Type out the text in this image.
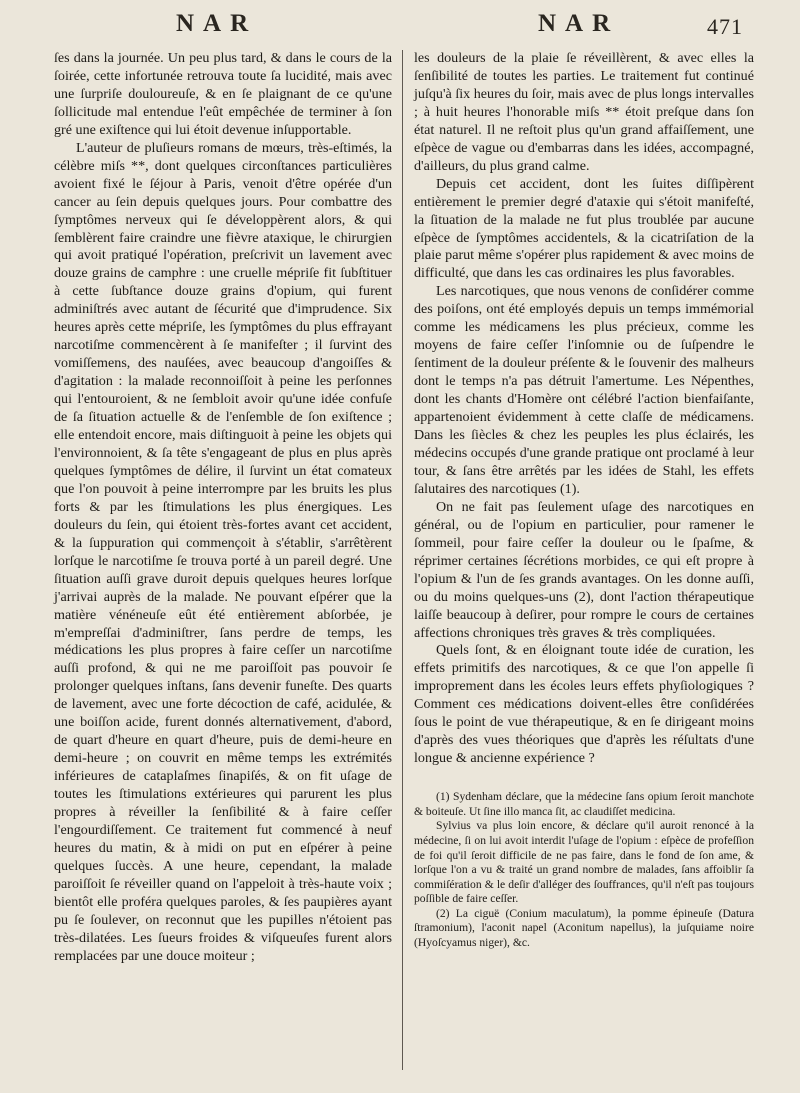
NAR	NAR	471

ſes dans la journée. Un peu plus tard, & dans le cours de la ſoirée, cette infortunée retrouva toute ſa lucidité, mais avec une ſurpriſe douloureuſe, & en ſe plaignant de ce qu'une ſollicitude mal entendue l'eût empêchée de terminer à ſon gré une exiſtence qui lui étoit devenue inſupportable.

L'auteur de pluſieurs romans de mœurs, très-eſtimés, la célèbre miſs **, dont quelques circonſtances particulières avoient fixé le ſéjour à Paris, venoit d'être opérée d'un cancer au ſein depuis quelques jours. Pour combattre des ſymptômes nerveux qui ſe développèrent alors, & qui ſemblèrent faire craindre une fièvre ataxique, le chirurgien qui avoit pratiqué l'opération, preſcrivit un lavement avec douze grains de camphre : une cruelle mépriſe fit ſubſtituer à cette ſubſtance douze grains d'opium, qui furent adminiſtrés avec autant de ſécurité que d'imprudence. Six heures après cette mépriſe, les ſymptômes du plus effrayant narcotiſme commencèrent à ſe manifeſter ; il ſurvint des vomiſſemens, des nauſées, avec beaucoup d'angoiſſes & d'agitation : la malade reconnoiſſoit à peine les perſonnes qui l'entouroient, & ne ſembloit avoir qu'une idée confuſe de ſa ſituation actuelle & de l'enſemble de ſon exiſtence ; elle entendoit encore, mais diſtinguoit à peine les objets qui l'environnoient, & ſa tête s'engageant de plus en plus après quelques ſymptômes de délire, il ſurvint un état comateux que l'on pouvoit à peine interrompre par les bruits les plus forts & par les ſtimulations les plus énergiques. Les douleurs du ſein, qui étoient très-fortes avant cet accident, & la ſuppuration qui commençoit à s'établir, s'arrêtèrent lorſque le narcotiſme ſe trouva porté à un pareil degré. Une ſituation auſſi grave duroit depuis quelques heures lorſque j'arrivai auprès de la malade. Ne pouvant eſpérer que la matière vénéneuſe eût été entièrement abſorbée, je m'empreſſai d'adminiſtrer, ſans perdre de temps, les médications les plus propres à faire ceſſer un narcotiſme auſſi profond, & qui ne me paroiſſoit pas pouvoir ſe prolonger quelques inſtans, ſans devenir funeſte. Des quarts de lavement, avec une forte décoction de café, acidulée, & une boiſſon acide, furent donnés alternativement, d'abord, de quart d'heure en quart d'heure, puis de demi-heure en demi-heure ; on couvrit en même temps les extrémités inférieures de cataplaſmes ſinapiſés, & on fit uſage de toutes les ſtimulations extérieures qui parurent les plus propres à réveiller la ſenſibilité & à faire ceſſer l'engourdiſſement. Ce traitement fut commencé à neuf heures du matin, & à midi on put en eſpérer à peine quelques ſuccès. A une heure, cependant, la malade paroiſſoit ſe réveiller quand on l'appeloit à très-haute voix ; bientôt elle proféra quelques paroles, & ſes paupières ayant pu ſe ſoulever, on reconnut que les pupilles n'étoient pas très-dilatées. Les ſueurs froides & viſqueuſes furent alors remplacées par une douce moiteur ;

les douleurs de la plaie ſe réveillèrent, & avec elles la ſenſibilité de toutes les parties. Le traitement fut continué juſqu'à ſix heures du ſoir, mais avec de plus longs intervalles ; à huit heures l'honorable miſs ** étoit preſque dans ſon état naturel. Il ne reſtoit plus qu'un grand affaiſſement, une eſpèce de vague ou d'embarras dans les idées, accompagné, d'ailleurs, du plus grand calme.

Depuis cet accident, dont les ſuites diſſipèrent entièrement le premier degré d'ataxie qui s'étoit manifeſté, la ſituation de la malade ne fut plus troublée par aucune eſpèce de ſymptômes accidentels, & la cicatriſation de la plaie parut même s'opérer plus rapidement & avec moins de difficulté, que dans les cas ordinaires les plus favorables.

Les narcotiques, que nous venons de conſidérer comme des poiſons, ont été employés depuis un temps immémorial comme les médicamens les plus précieux, comme les moyens de faire ceſſer l'inſomnie ou de ſuſpendre le ſentiment de la douleur préſente & le ſouvenir des malheurs dont le temps n'a pas détruit l'amertume. Les Népenthes, dont les chants d'Homère ont célébré l'action bienfaiſante, appartenoient évidemment à cette claſſe de médicamens. Dans les ſiècles & chez les peuples les plus éclairés, les médecins occupés d'une grande pratique ont proclamé à leur tour, & ſans être arrêtés par les idées de Stahl, les effets ſalutaires des narcotiques (1).

On ne fait pas ſeulement uſage des narcotiques en général, ou de l'opium en particulier, pour ramener le ſommeil, pour faire ceſſer la douleur ou le ſpaſme, & réprimer certaines ſécrétions morbides, ce qui eſt propre à l'opium & l'un de ſes grands avantages. On les donne auſſi, ou du moins quelques-uns (2), dont l'action thérapeutique laiſſe beaucoup à deſirer, pour rompre le cours de certaines affections chroniques très graves & très compliquées.

Quels ſont, & en éloignant toute idée de curation, les effets primitifs des narcotiques, & ce que l'on appelle ſi improprement dans les écoles leurs effets phyſiologiques ? Comment ces médications doivent-elles être conſidérées ſous le point de vue thérapeutique, & en ſe dirigeant moins d'après des vues théoriques que d'après les réſultats d'une longue & ancienne expérience ?

(1) Sydenham déclare, que la médecine ſans opium ſeroit manchote & boiteuſe. Ut ſine illo manca ſit, ac claudiſſet medicina.

Sylvius va plus loin encore, & déclare qu'il auroit renoncé à la médecine, ſi on lui avoit interdit l'uſage de l'opium : eſpèce de profeſſion de foi qu'il ſeroit difficile de ne pas faire, dans le fond de ſon ame, & lorſque l'on a vu & traité un grand nombre de malades, ſans affoiblir ſa commiſération & le deſir d'alléger des ſouffrances, qu'il n'eſt pas toujours poſſible de faire ceſſer.

(2) La ciguë (Conium maculatum), la pomme épineuſe (Datura ſtramonium), l'aconit napel (Aconitum napellus), la juſquiame noire (Hyoſcyamus niger), &c.
